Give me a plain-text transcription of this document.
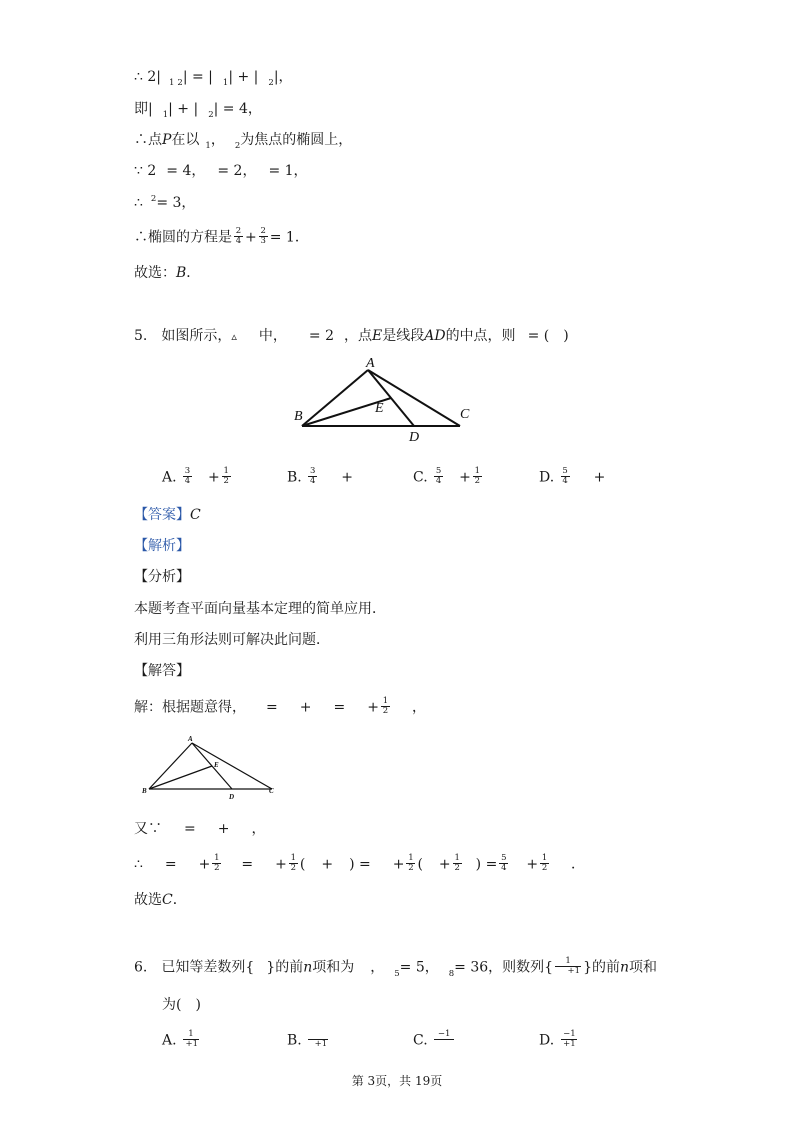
∴ 2| $_1$ $_2$| = | $_1$| + | $_2$|，
即| $_1$| + | $_2$| = 4，
∴点P在以 $_1$， $_2$为焦点的椭圆上，
∵ 2 = 4， = 2， = 1，
∴ $^2$= 3，
∴椭圆的方程是 $\frac{2}{4} + \frac{2}{3} = 1$．
故选：B．
5. 如图所示，▵ 中， = 2 ，点E是线段AD的中点，则 = (　)
A
B	C
D
E
A. $\frac{3}{4} + \frac{1}{2}$	B. $\frac{3}{4}$ +	C. $\frac{5}{4} + \frac{1}{2}$	D. $\frac{5}{4}$ +
【答案】C
【解析】
【分析】
本题考查平面向量基本定理的简单应用．
利用三角形法则可解决此问题．
【解答】
解：根据题意得， = + = + $\frac{1}{2}$ ，
A
B	C
D
E
又∵ = + ，
∴ = + $\frac{1}{2}$ = + $\frac{1}{2}$ ( + ) = + $\frac{1}{2}$ ( + $\frac{1}{2}$ ) = $\frac{5}{4} + \frac{1}{2}$ ．
故选C．
6. 已知等差数列{ }的前n项和为 ， $_5$= 5， $_8$= 36，则数列{ $\frac{1}{+1}$ }的前n项和
为(　)
A. $\frac{1}{+1}$	B.	+1	C.	−1	D. $\frac{-1}{+1}$
第 3页，共 19页
